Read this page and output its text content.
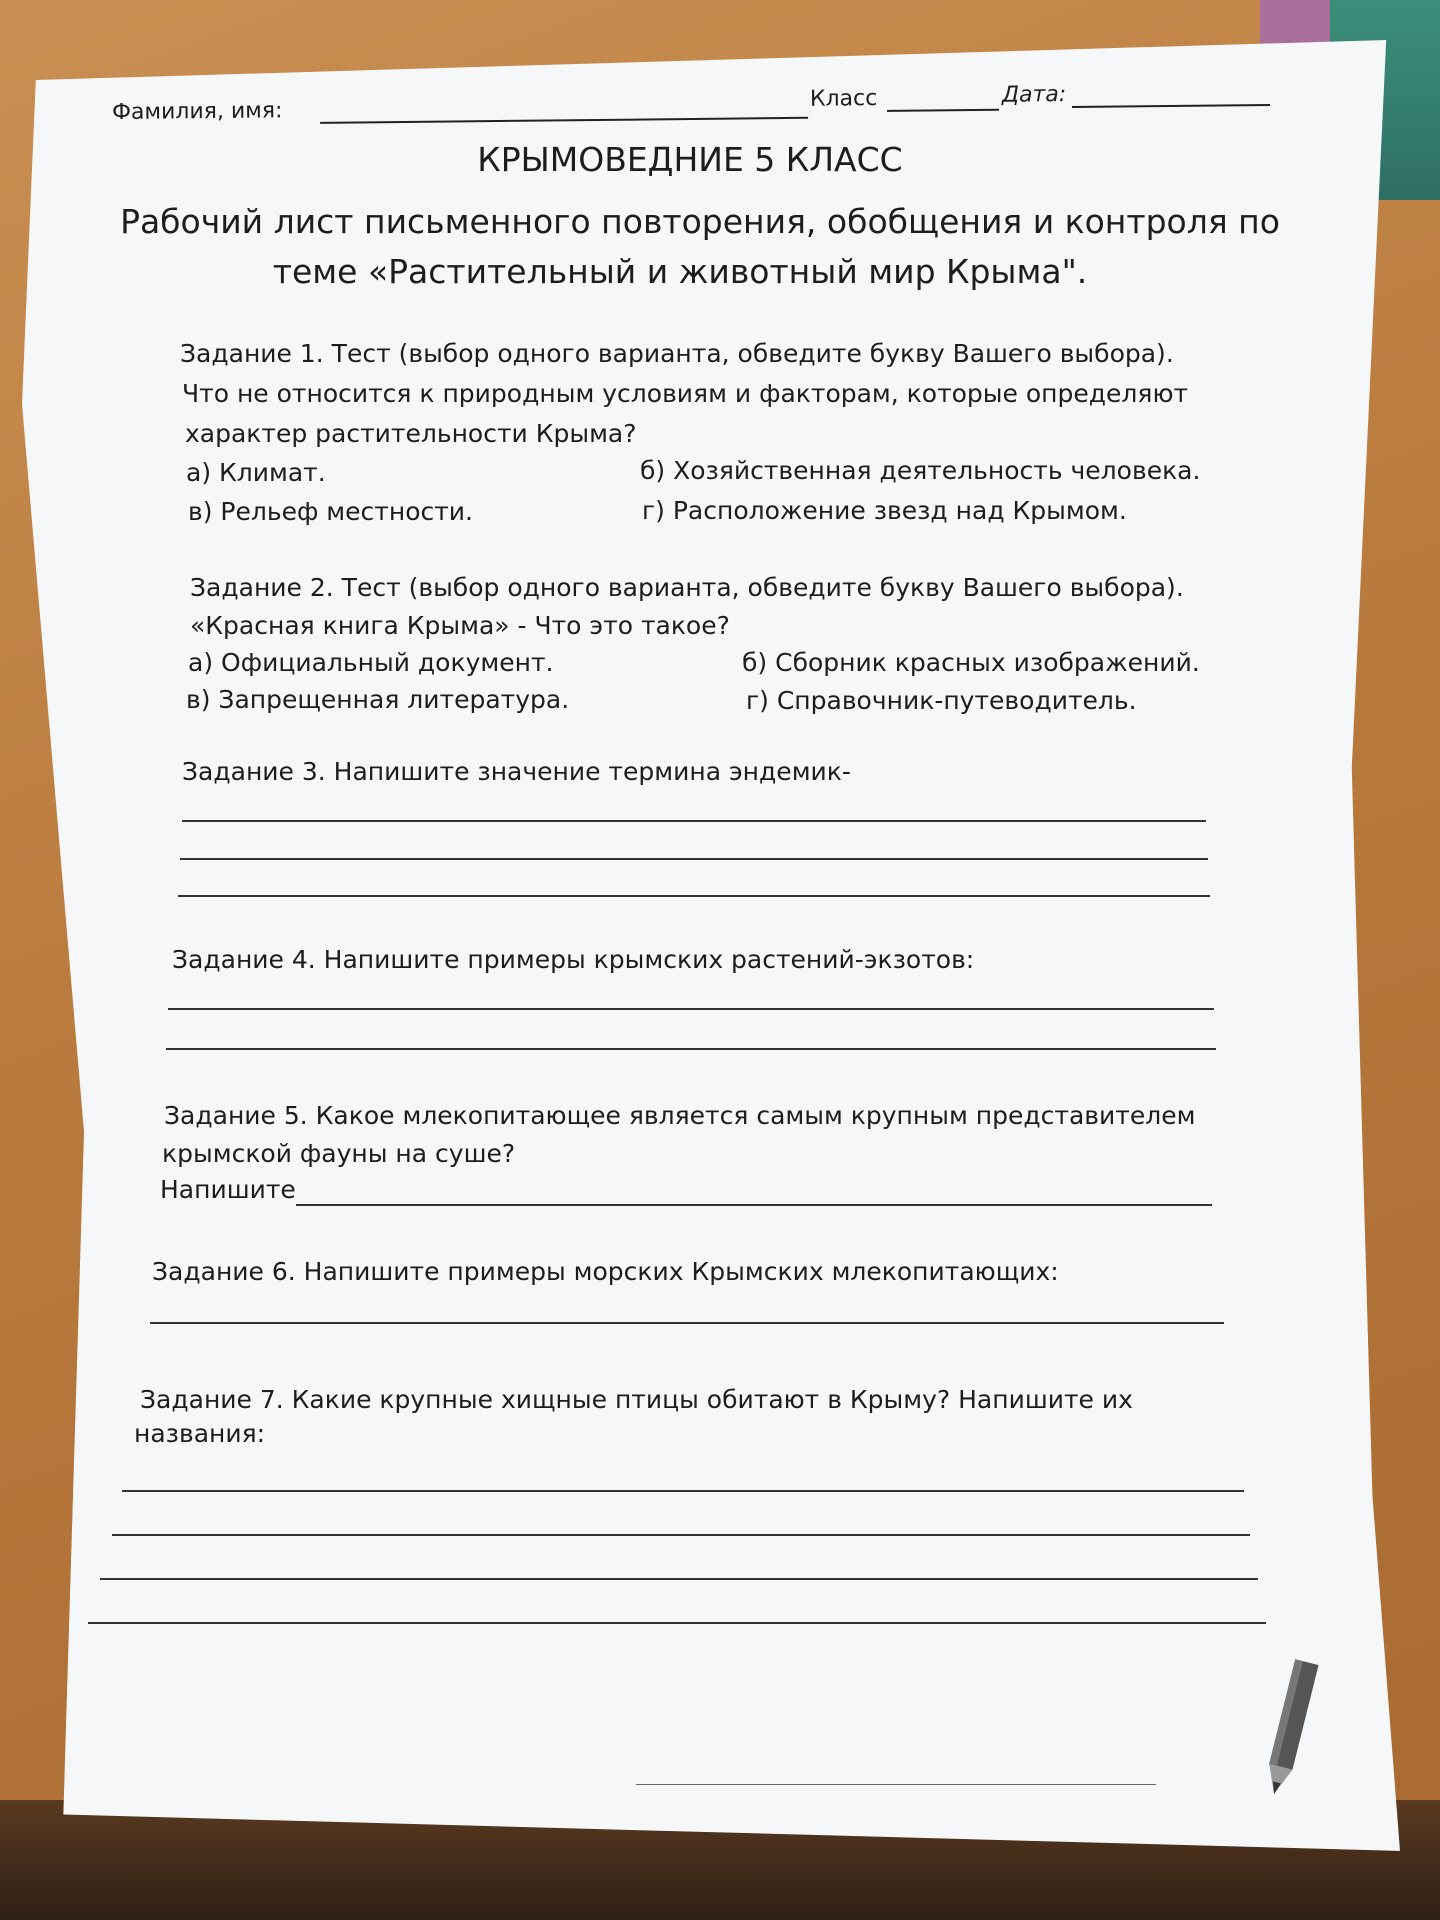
Фамилия, имя:	Класс	Дата:
КРЫМОВЕДНИЕ 5 КЛАСС
Рабочий лист письменного повторения, обобщения и контроля по
теме «Растительный и животный мир Крыма".
Задание 1. Тест (выбор одного варианта, обведите букву Вашего выбора).
Что не относится к природным условиям и факторам, которые определяют
характер растительности Крыма?
а) Климат.	б) Хозяйственная деятельность человека.
в) Рельеф местности.	г) Расположение звезд над Крымом.
Задание 2. Тест (выбор одного варианта, обведите букву Вашего выбора).
«Красная книга Крыма» - Что это такое?
а) Официальный документ.	б) Сборник красных изображений.
в) Запрещенная литература.	г) Справочник-путеводитель.
Задание 3. Напишите значение термина эндемик-
Задание 4. Напишите примеры крымских растений-экзотов:
Задание 5. Какое млекопитающее является самым крупным представителем
крымской фауны на суше?
Напишите
Задание 6. Напишите примеры морских Крымских млекопитающих:
Задание 7. Какие крупные хищные птицы обитают в Крыму? Напишите их
названия:
